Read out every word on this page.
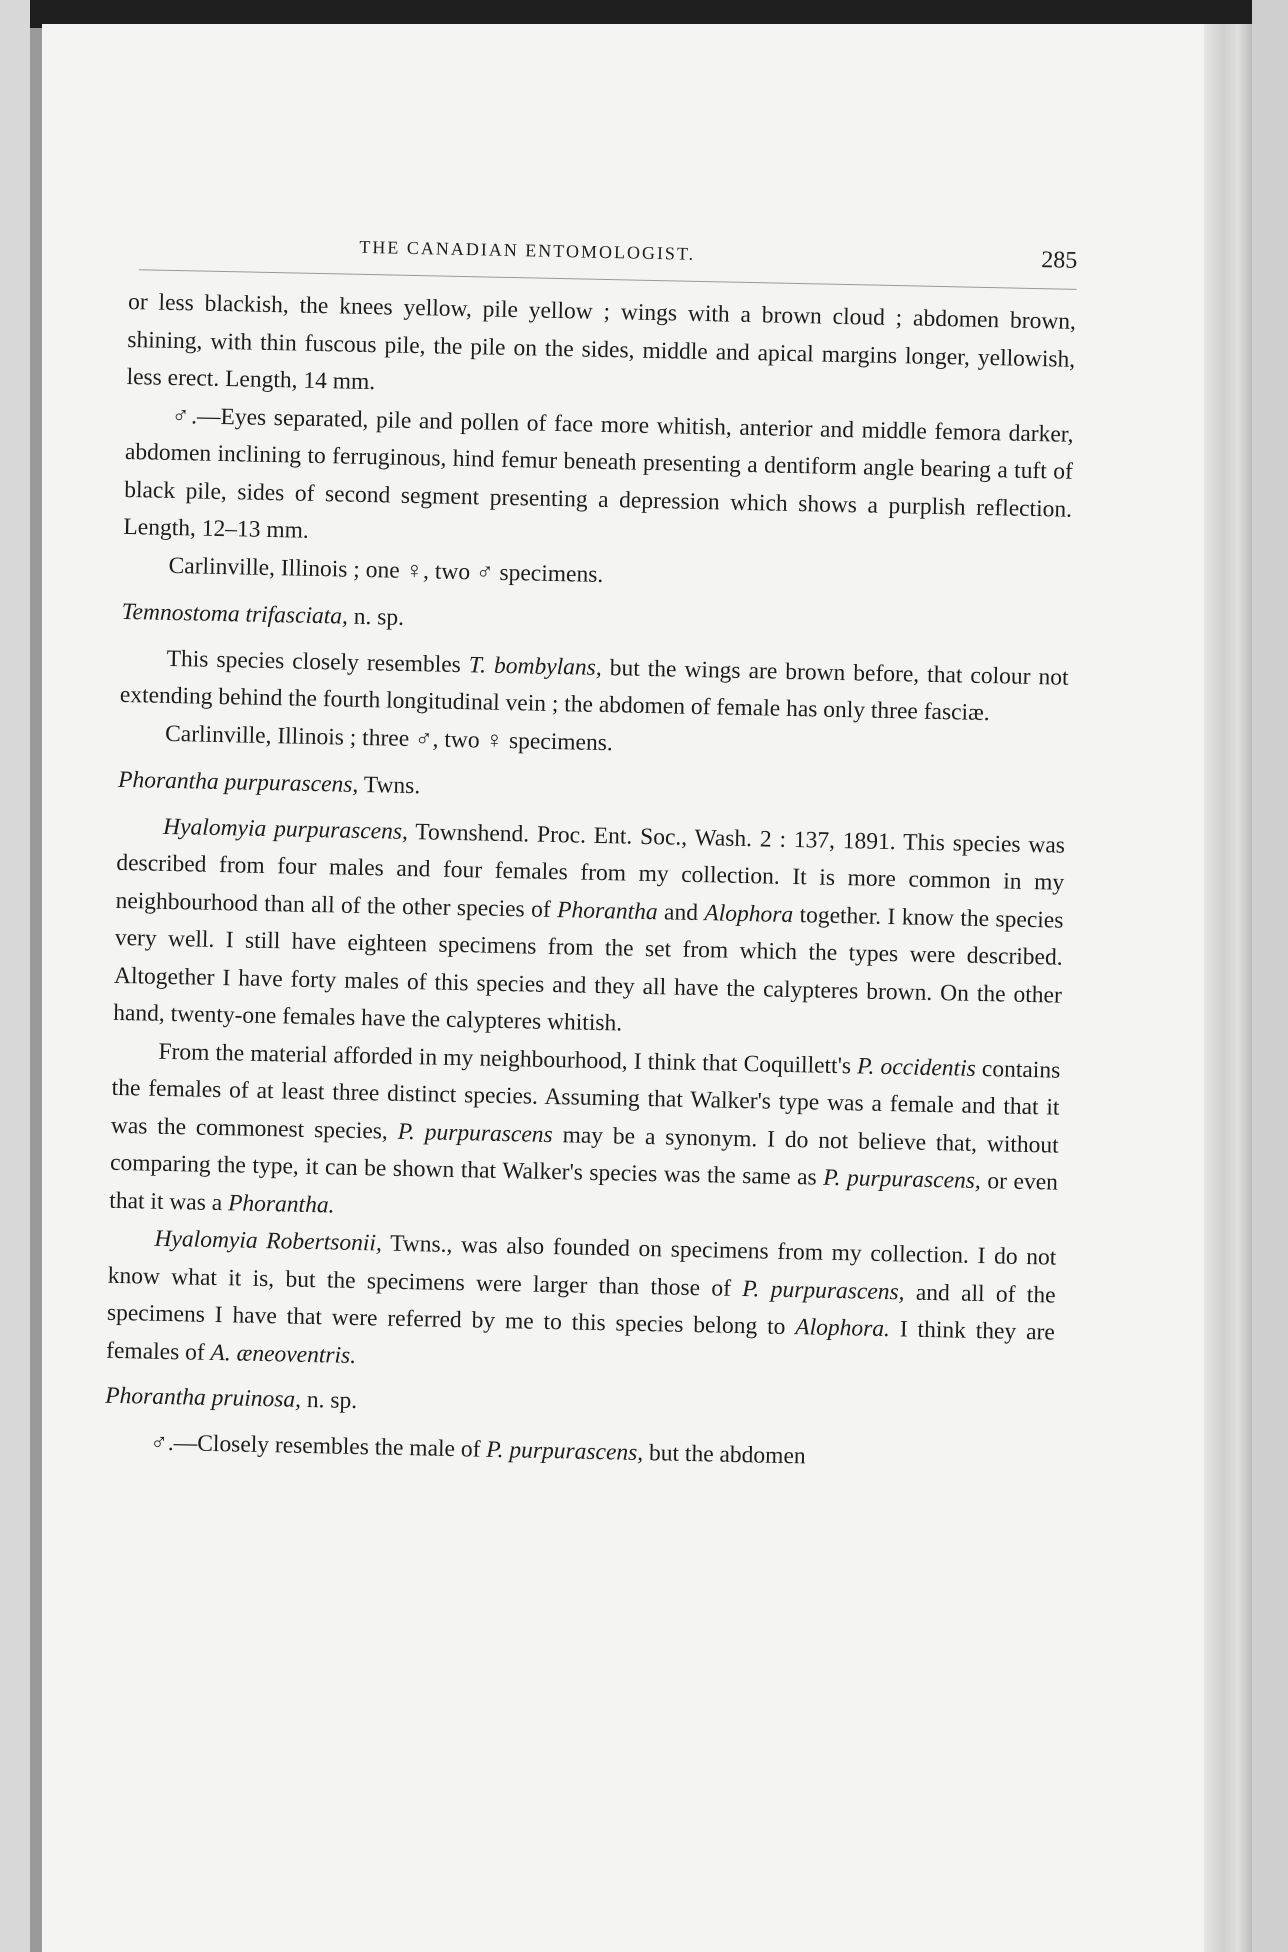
THE CANADIAN ENTOMOLOGIST.	285

or less blackish, the knees yellow, pile yellow ; wings with a brown cloud ; abdomen brown, shining, with thin fuscous pile, the pile on the sides, middle and apical margins longer, yellowish, less erect. Length, 14 mm.

♂.—Eyes separated, pile and pollen of face more whitish, anterior and middle femora darker, abdomen inclining to ferruginous, hind femur beneath presenting a dentiform angle bearing a tuft of black pile, sides of second segment presenting a depression which shows a purplish reflection. Length, 12–13 mm.

Carlinville, Illinois ; one ♀, two ♂ specimens.

Temnostoma trifasciata, n. sp.

This species closely resembles T. bombylans, but the wings are brown before, that colour not extending behind the fourth longitudinal vein ; the abdomen of female has only three fasciæ.

Carlinville, Illinois ; three ♂, two ♀ specimens.

Phorantha purpurascens, Twns.

Hyalomyia purpurascens, Townshend. Proc. Ent. Soc., Wash. 2 : 137, 1891. This species was described from four males and four females from my collection. It is more common in my neighbourhood than all of the other species of Phorantha and Alophora together. I know the species very well. I still have eighteen specimens from the set from which the types were described. Altogether I have forty males of this species and they all have the calypteres brown. On the other hand, twenty-one females have the calypteres whitish.

From the material afforded in my neighbourhood, I think that Coquillett's P. occidentis contains the females of at least three distinct species. Assuming that Walker's type was a female and that it was the commonest species, P. purpurascens may be a synonym. I do not believe that, without comparing the type, it can be shown that Walker's species was the same as P. purpurascens, or even that it was a Phorantha.

Hyalomyia Robertsonii, Twns., was also founded on specimens from my collection. I do not know what it is, but the specimens were larger than those of P. purpurascens, and all of the specimens I have that were referred by me to this species belong to Alophora. I think they are females of A. æneoventris.

Phorantha pruinosa, n. sp.

♂.—Closely resembles the male of P. purpurascens, but the abdomen
